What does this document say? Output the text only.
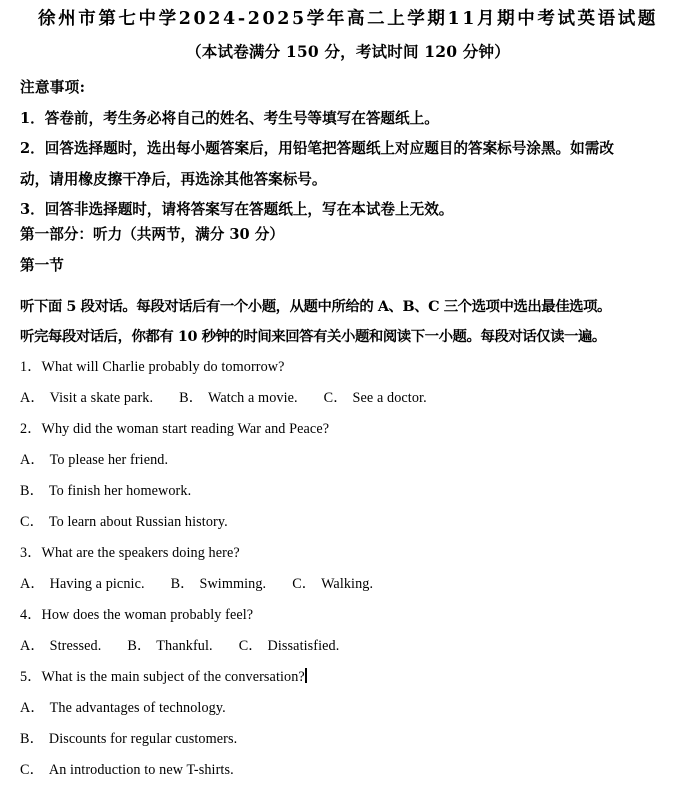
徐州市第七中学2024-2025学年高二上学期11月期中考试英语试题
（本试卷满分 150 分，考试时间 120 分钟）
注意事项:
1．答卷前，考生务必将自己的姓名、考生号等填写在答题纸上。
2．回答选择题时，选出每小题答案后，用铅笔把答题纸上对应题目的答案标号涂黑。如需改
动，请用橡皮擦干净后，再选涂其他答案标号。
3．回答非选择题时，请将答案写在答题纸上，写在本试卷上无效。
第一部分：听力（共两节，满分 30 分）
第一节
听下面 5 段对话。每段对话后有一个小题，从题中所给的 A、B、C 三个选项中选出最佳选项。
听完每段对话后，你都有 10 秒钟的时间来回答有关小题和阅读下一小题。每段对话仅读一遍。
1．What will Charlie probably do tomorrow?
A． Visit a skate park. B． Watch a movie. C． See a doctor.
2．Why did the woman start reading War and Peace?
A． To please her friend.
B． To finish her homework.
C． To learn about Russian history.
3．What are the speakers doing here?
A． Having a picnic. B． Swimming. C． Walking.
4．How does the woman probably feel?
A． Stressed. B． Thankful. C． Dissatisfied.
5．What is the main subject of the conversation?
A． The advantages of technology.
B． Discounts for regular customers.
C． An introduction to new T-shirts.
